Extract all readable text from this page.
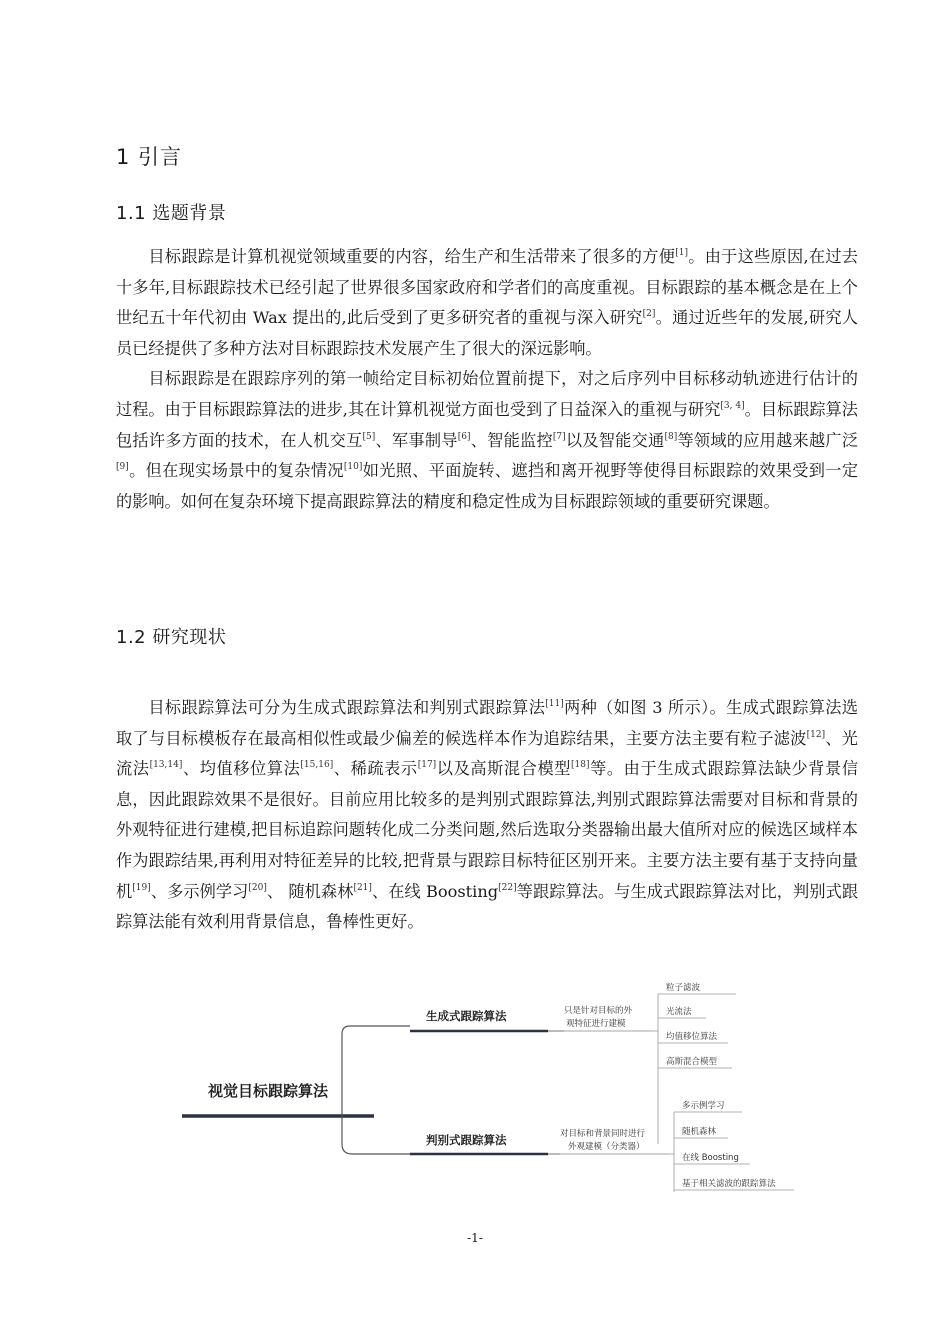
1 引言
1.1 选题背景

目标跟踪是计算机视觉领域重要的内容，给生产和生活带来了很多的方便[1]。由于这些原因,在过去十多年,目标跟踪技术已经引起了世界很多国家政府和学者们的高度重视。目标跟踪的基本概念是在上个世纪五十年代初由 Wax 提出的,此后受到了更多研究者的重视与深入研究[2]。通过近些年的发展,研究人员已经提供了多种方法对目标跟踪技术发展产生了很大的深远影响。

目标跟踪是在跟踪序列的第一帧给定目标初始位置前提下，对之后序列中目标移动轨迹进行估计的过程。由于目标跟踪算法的进步,其在计算机视觉方面也受到了日益深入的重视与研究[3, 4]。目标跟踪算法包括许多方面的技术，在人机交互[5]、军事制导[6]、智能监控[7]以及智能交通[8]等领域的应用越来越广泛[9]。但在现实场景中的复杂情况[10]如光照、平面旋转、遮挡和离开视野等使得目标跟踪的效果受到一定的影响。如何在复杂环境下提高跟踪算法的精度和稳定性成为目标跟踪领域的重要研究课题。

1.2 研究现状

目标跟踪算法可分为生成式跟踪算法和判别式跟踪算法[11]两种（如图 3 所示）。生成式跟踪算法选取了与目标模板存在最高相似性或最少偏差的候选样本作为追踪结果，主要方法主要有粒子滤波[12]、光流法[13,14]、均值移位算法[15,16]、稀疏表示[17]以及高斯混合模型[18]等。由于生成式跟踪算法缺少背景信息，因此跟踪效果不是很好。目前应用比较多的是判别式跟踪算法,判别式跟踪算法需要对目标和背景的外观特征进行建模,把目标追踪问题转化成二分类问题,然后选取分类器输出最大值所对应的候选区域样本作为跟踪结果,再利用对特征差异的比较,把背景与跟踪目标特征区别开来。主要方法主要有基于支持向量机[19]、多示例学习[20]、 随机森林[21]、在线 Boosting[22]等跟踪算法。与生成式跟踪算法对比，判别式跟踪算法能有效利用背景信息，鲁棒性更好。

视觉目标跟踪算法
生成式跟踪算法	只是针对目标的外
观特征进行建模
粒子滤波
光流法
均值移位算法
高斯混合模型
判别式跟踪算法	对目标和背景同时进行
外观建模（分类器）
多示例学习
随机森林
在线 Boosting
基于相关滤波的跟踪算法
-1-
